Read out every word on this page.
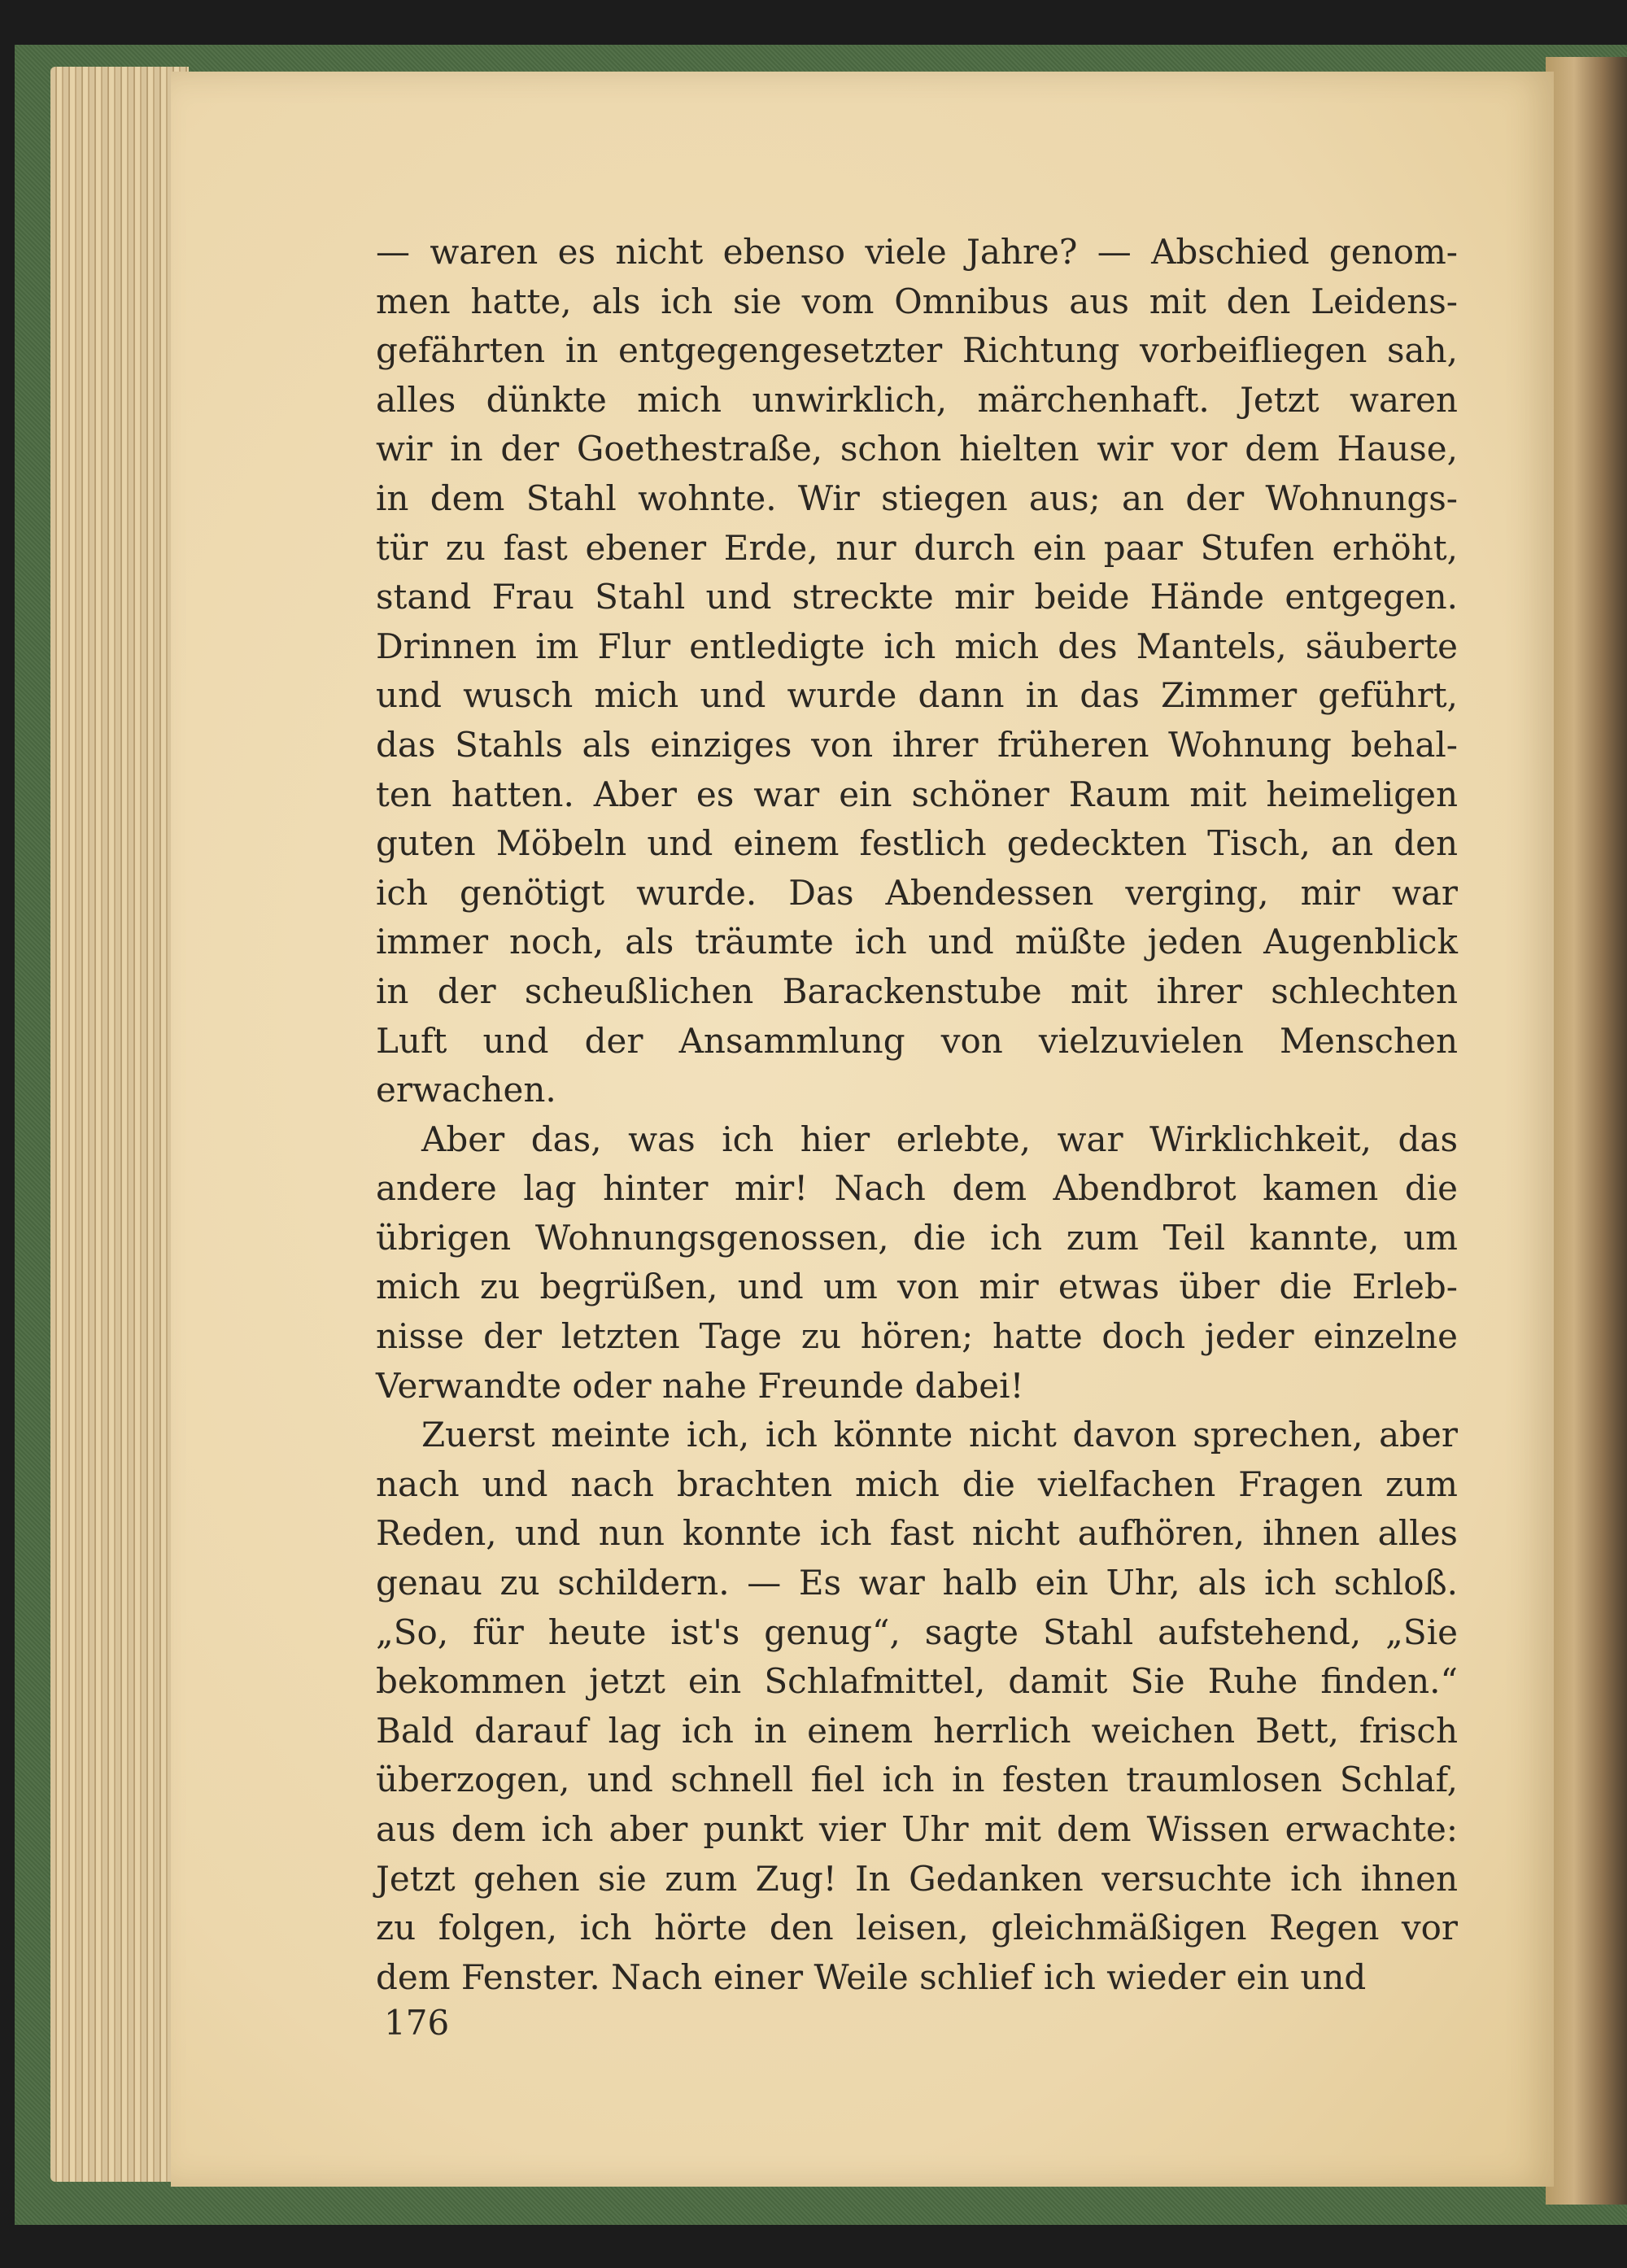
— waren es nicht ebenso viele Jahre? — Abschied genom-
men hatte, als ich sie vom Omnibus aus mit den Leidens-
gefährten in entgegengesetzter Richtung vorbeifliegen sah,
alles dünkte mich unwirklich, märchenhaft. Jetzt waren
wir in der Goethestraße, schon hielten wir vor dem Hause,
in dem Stahl wohnte. Wir stiegen aus; an der Wohnungs-
tür zu fast ebener Erde, nur durch ein paar Stufen erhöht,
stand Frau Stahl und streckte mir beide Hände entgegen.
Drinnen im Flur entledigte ich mich des Mantels, säuberte
und wusch mich und wurde dann in das Zimmer geführt,
das Stahls als einziges von ihrer früheren Wohnung behal-
ten hatten. Aber es war ein schöner Raum mit heimeligen
guten Möbeln und einem festlich gedeckten Tisch, an den
ich genötigt wurde. Das Abendessen verging, mir war
immer noch, als träumte ich und müßte jeden Augenblick
in der scheußlichen Barackenstube mit ihrer schlechten
Luft und der Ansammlung von vielzuvielen Menschen
erwachen.
Aber das, was ich hier erlebte, war Wirklichkeit, das
andere lag hinter mir! Nach dem Abendbrot kamen die
übrigen Wohnungsgenossen, die ich zum Teil kannte, um
mich zu begrüßen, und um von mir etwas über die Erleb-
nisse der letzten Tage zu hören; hatte doch jeder einzelne
Verwandte oder nahe Freunde dabei!
Zuerst meinte ich, ich könnte nicht davon sprechen, aber
nach und nach brachten mich die vielfachen Fragen zum
Reden, und nun konnte ich fast nicht aufhören, ihnen alles
genau zu schildern. — Es war halb ein Uhr, als ich schloß.
„So, für heute ist's genug“, sagte Stahl aufstehend, „Sie
bekommen jetzt ein Schlafmittel, damit Sie Ruhe finden.“
Bald darauf lag ich in einem herrlich weichen Bett, frisch
überzogen, und schnell fiel ich in festen traumlosen Schlaf,
aus dem ich aber punkt vier Uhr mit dem Wissen erwachte:
Jetzt gehen sie zum Zug! In Gedanken versuchte ich ihnen
zu folgen, ich hörte den leisen, gleichmäßigen Regen vor
dem Fenster. Nach einer Weile schlief ich wieder ein und
176
